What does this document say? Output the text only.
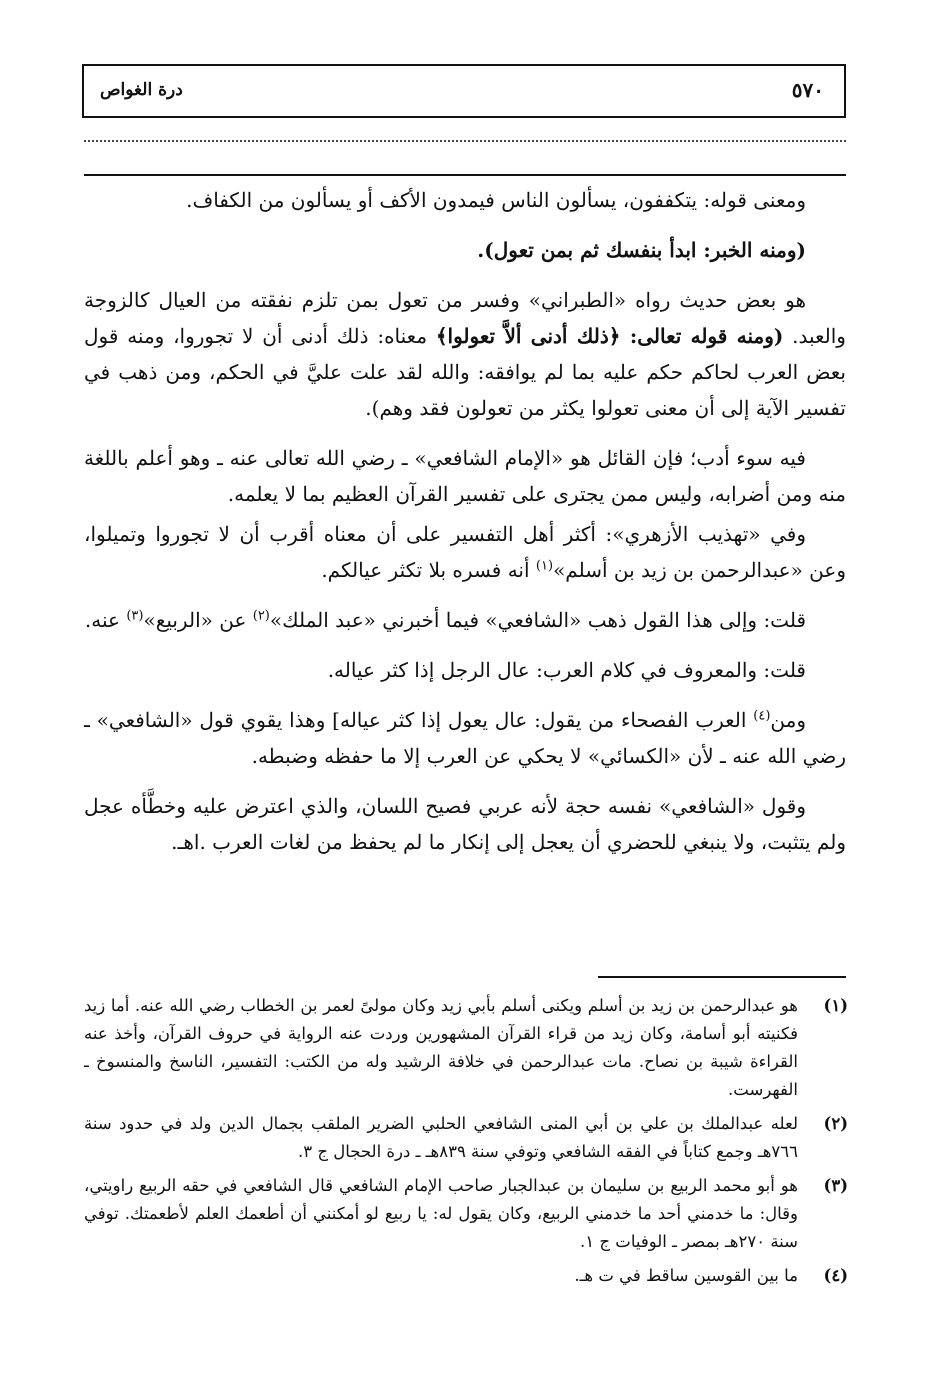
٥٧٠
درة الغواص

ومعنى قوله: يتكففون، يسألون الناس فيمدون الأكف أو يسألون من الكفاف.

(ومنه الخبر: ابدأ بنفسك ثم بمن تعول).

هو بعض حديث رواه «الطبراني» وفسر من تعول بمن تلزم نفقته من العيال كالزوجة والعبد. (ومنه قوله تعالى: ﴿ذلك أدنى ألاَّ تعولوا﴾ معناه: ذلك أدنى أن لا تجوروا، ومنه قول بعض العرب لحاكم حكم عليه بما لم يوافقه: والله لقد علت عليَّ في الحكم، ومن ذهب في تفسير الآية إلى أن معنى تعولوا يكثر من تعولون فقد وهم).

فيه سوء أدب؛ فإن القائل هو «الإمام الشافعي» ـ رضي الله تعالى عنه ـ وهو أعلم باللغة منه ومن أضرابه، وليس ممن يجترى على تفسير القرآن العظيم بما لا يعلمه.

وفي «تهذيب الأزهري»: أكثر أهل التفسير على أن معناه أقرب أن لا تجوروا وتميلوا، وعن «عبدالرحمن بن زيد بن أسلم»$^{(١)}$ أنه فسره بلا تكثر عيالكم.

قلت: وإلى هذا القول ذهب «الشافعي» فيما أخبرني «عبد الملك»$^{(٢)}$ عن «الربيع»$^{(٣)}$ عنه.

قلت: والمعروف في كلام العرب: عال الرجل إذا كثر عياله.

ومن$^{(٤)}$ العرب الفصحاء من يقول: عال يعول إذا كثر عياله] وهذا يقوي قول «الشافعي» ـ رضي الله عنه ـ لأن «الكسائي» لا يحكي عن العرب إلا ما حفظه وضبطه.

وقول «الشافعي» نفسه حجة لأنه عربي فصيح اللسان، والذي اعترض عليه وخطَّأه عجل ولم يتثبت، ولا ينبغي للحضري أن يعجل إلى إنكار ما لم يحفظ من لغات العرب .اهـ.

(١)
هو عبدالرحمن بن زيد بن أسلم ويكنى أسلم بأبي زيد وكان مولىً لعمر بن الخطاب رضي الله عنه. أما زيد فكنيته أبو أسامة، وكان زيد من قراء القرآن المشهورين وردت عنه الرواية في حروف القرآن، وأخذ عنه القراءة شيبة بن نصاح. مات عبدالرحمن في خلافة الرشيد وله من الكتب: التفسير، الناسخ والمنسوخ ـ الفهرست.
(٢)
لعله عبدالملك بن علي بن أبي المنى الشافعي الحلبي الضرير الملقب بجمال الدين ولد في حدود سنة ٧٦٦هـ وجمع كتاباً في الفقه الشافعي وتوفي سنة ٨٣٩هـ ـ درة الحجال ج ٣.
(٣)
هو أبو محمد الربيع بن سليمان بن عبدالجبار صاحب الإمام الشافعي قال الشافعي في حقه الربيع راويتي، وقال: ما خدمني أحد ما خدمني الربيع، وكان يقول له: يا ربيع لو أمكنني أن أطعمك العلم لأطعمتك. توفي سنة ٢٧٠هـ بمصر ـ الوفيات ج ١.
(٤)
ما بين القوسين ساقط في ت هـ.
